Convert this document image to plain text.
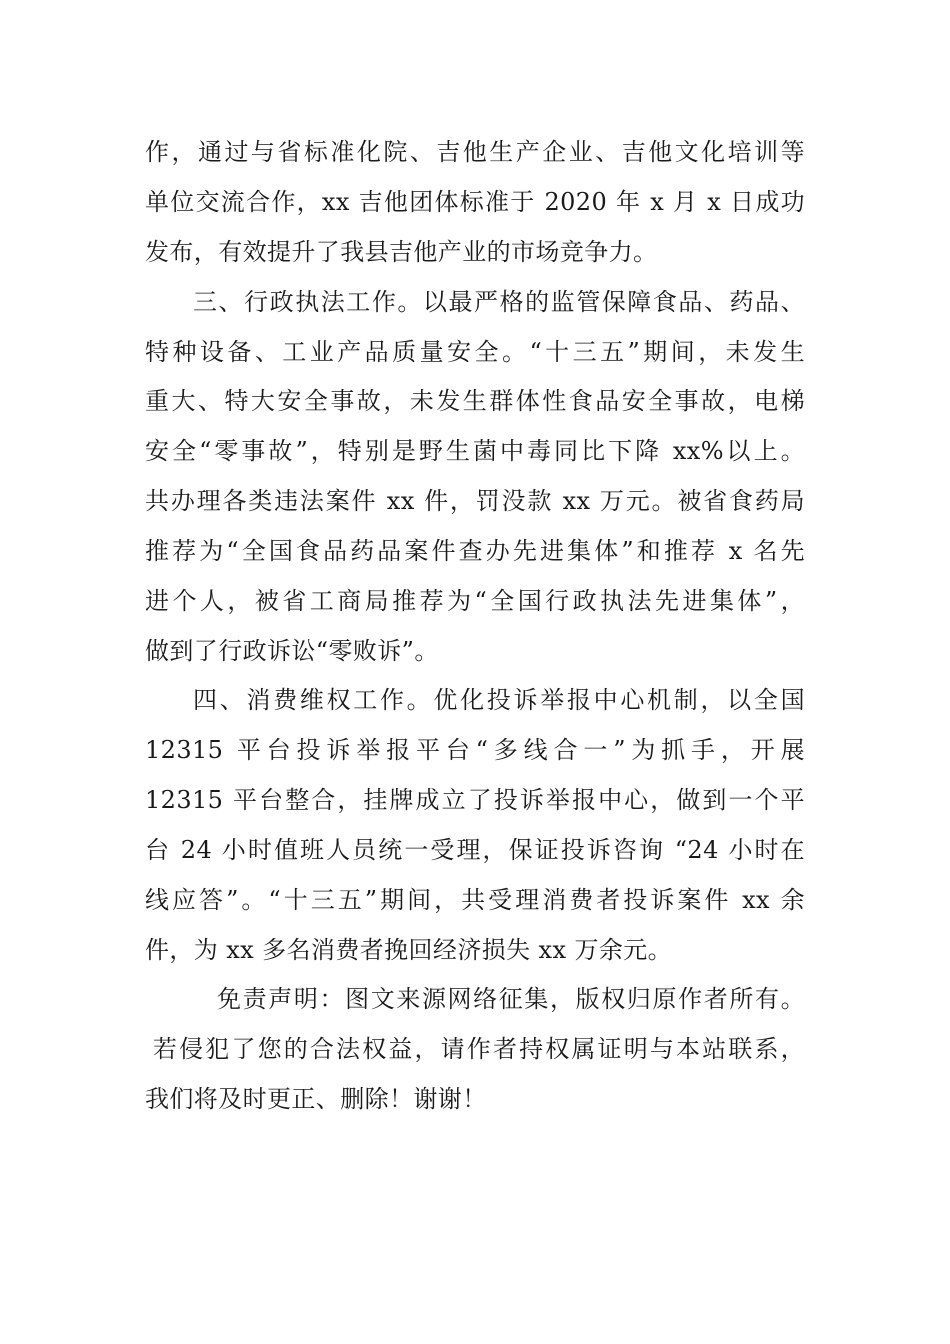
作，通过与省标准化院、吉他生产企业、吉他文化培训等
单位交流合作，xx 吉他团体标准于 2020 年 x 月 x 日成功
发布，有效提升了我县吉他产业的市场竞争力。
三、行政执法工作。以最严格的监管保障食品、药品、
特种设备、工业产品质量安全。“十三五”期间，未发生
重大、特大安全事故，未发生群体性食品安全事故，电梯
安全“零事故”，特别是野生菌中毒同比下降 xx%以上。
共办理各类违法案件 xx 件，罚没款 xx 万元。被省食药局
推荐为“全国食品药品案件查办先进集体”和推荐 x 名先
进个人，被省工商局推荐为“全国行政执法先进集体”，
做到了行政诉讼“零败诉”。
四、消费维权工作。优化投诉举报中心机制，以全国
12315 平台投诉举报平台“多线合一”为抓手，开展
12315 平台整合，挂牌成立了投诉举报中心，做到一个平
台 24 小时值班人员统一受理，保证投诉咨询 “24 小时在
线应答”。“十三五”期间，共受理消费者投诉案件 xx 余
件，为 xx 多名消费者挽回经济损失 xx 万余元。
免责声明：图文来源网络征集，版权归原作者所有。
若侵犯了您的合法权益，请作者持权属证明与本站联系，
我们将及时更正、删除！谢谢！
